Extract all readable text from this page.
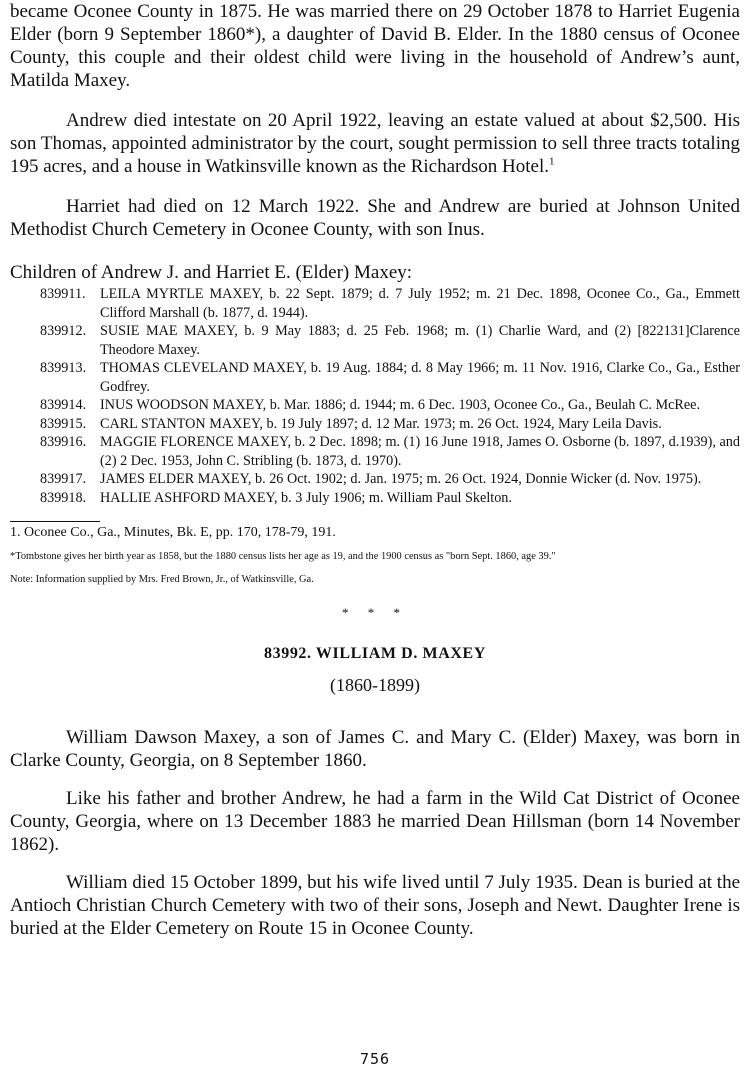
became Oconee County in 1875. He was married there on 29 October 1878 to Harriet Eugenia Elder (born 9 September 1860*), a daughter of David B. Elder. In the 1880 census of Oconee County, this couple and their oldest child were living in the household of Andrew’s aunt, Matilda Maxey.

Andrew died intestate on 20 April 1922, leaving an estate valued at about $2,500. His son Thomas, appointed administrator by the court, sought permission to sell three tracts totaling 195 acres, and a house in Watkinsville known as the Richardson Hotel.$^1$

Harriet had died on 12 March 1922. She and Andrew are buried at Johnson United Methodist Church Cemetery in Oconee County, with son Inus.

Children of Andrew J. and Harriet E. (Elder) Maxey:

839911.	LEILA MYRTLE MAXEY, b. 22 Sept. 1879; d. 7 July 1952; m. 21 Dec. 1898, Oconee Co., Ga., Emmett Clifford Marshall (b. 1877, d. 1944).
839912. SUSIE MAE MAXEY, b. 9 May 1883; d. 25 Feb. 1968; m. (1) Charlie Ward, and (2) [822131]Clarence Theodore Maxey.
839913. THOMAS CLEVELAND MAXEY, b. 19 Aug. 1884; d. 8 May 1966; m. 11 Nov. 1916, Clarke Co., Ga., Esther Godfrey.
839914. INUS WOODSON MAXEY, b. Mar. 1886; d. 1944; m. 6 Dec. 1903, Oconee Co., Ga., Beulah C. McRee.
839915. CARL STANTON MAXEY, b. 19 July 1897; d. 12 Mar. 1973; m. 26 Oct. 1924, Mary Leila Davis.
839916. MAGGIE FLORENCE MAXEY, b. 2 Dec. 1898; m. (1) 16 June 1918, James O. Osborne (b. 1897, d.1939), and (2) 2 Dec. 1953, John C. Stribling (b. 1873, d. 1970).
839917. JAMES ELDER MAXEY, b. 26 Oct. 1902; d. Jan. 1975; m. 26 Oct. 1924, Donnie Wicker (d. Nov. 1975).
839918. HALLIE ASHFORD MAXEY, b. 3 July 1906; m. William Paul Skelton.

1. Oconee Co., Ga., Minutes, Bk. E, pp. 170, 178-79, 191.

*Tombstone gives her birth year as 1858, but the 1880 census lists her age as 19, and the 1900 census as "born Sept. 1860, age 39."

Note: Information supplied by Mrs. Fred Brown, Jr., of Watkinsville, Ga.

* * *

83992. WILLIAM D. MAXEY

(1860-1899)

William Dawson Maxey, a son of James C. and Mary C. (Elder) Maxey, was born in Clarke County, Georgia, on 8 September 1860.

Like his father and brother Andrew, he had a farm in the Wild Cat District of Oconee County, Georgia, where on 13 December 1883 he married Dean Hillsman (born 14 November 1862).

William died 15 October 1899, but his wife lived until 7 July 1935. Dean is buried at the Antioch Christian Church Cemetery with two of their sons, Joseph and Newt. Daughter Irene is buried at the Elder Cemetery on Route 15 in Oconee County.

756
